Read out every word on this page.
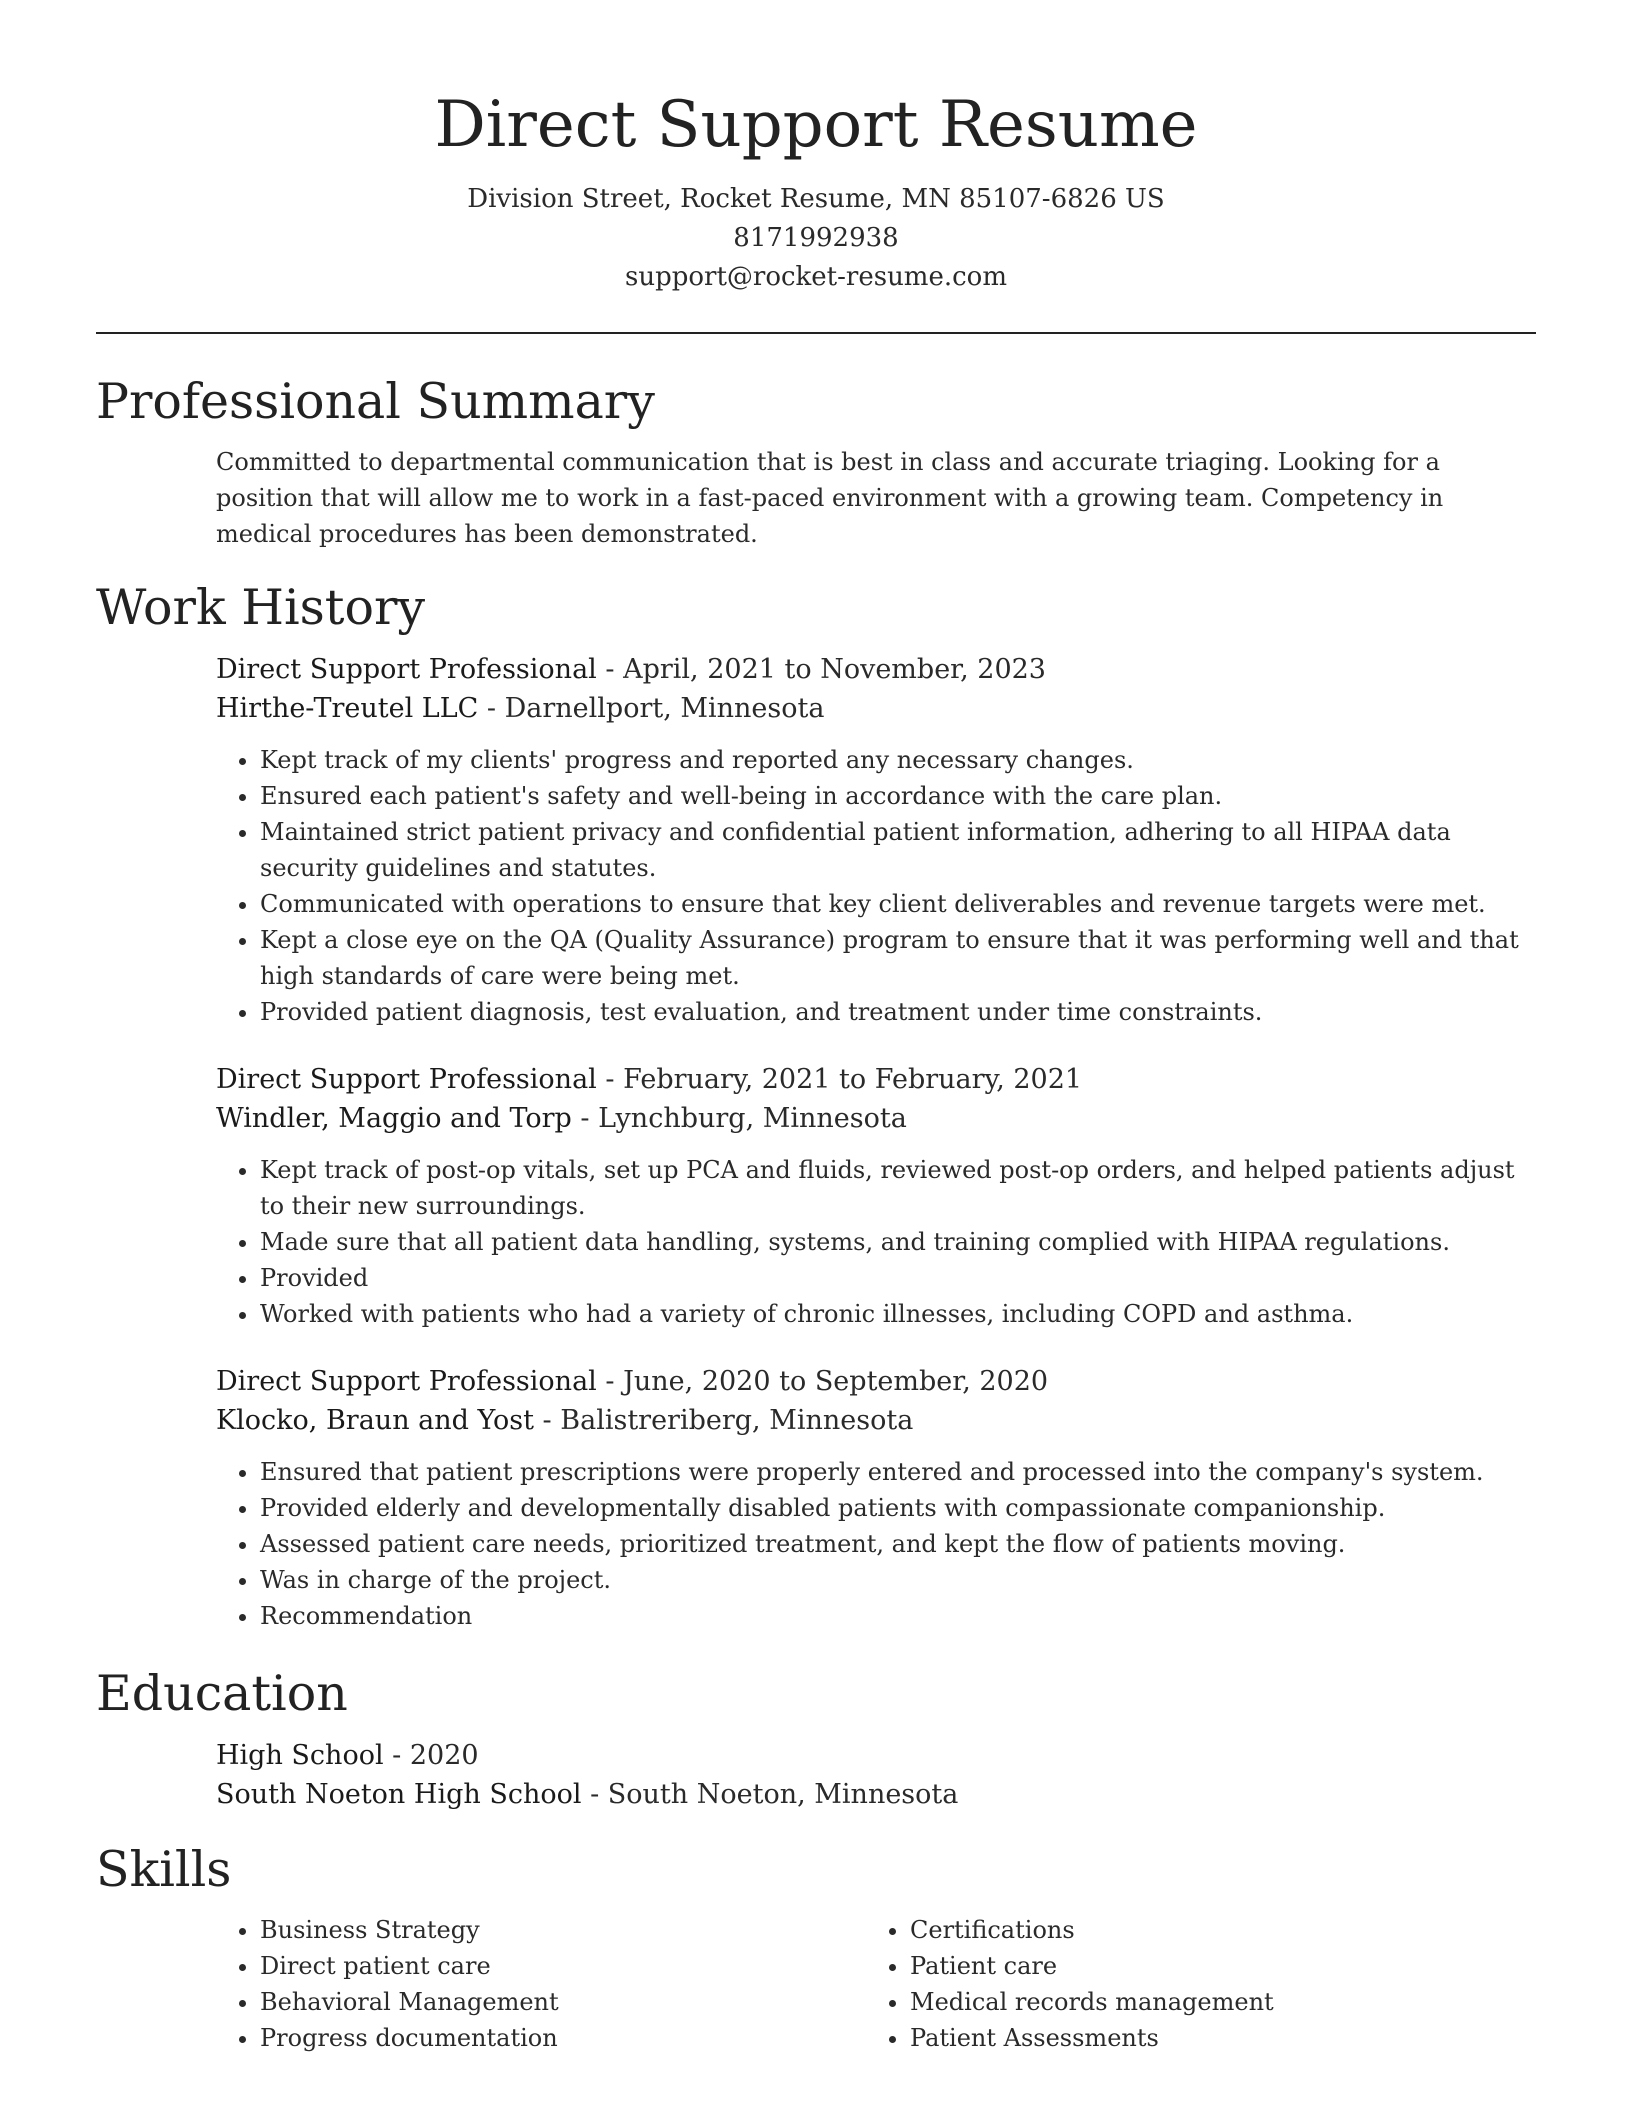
Direct Support Resume
Division Street, Rocket Resume, MN 85107-6826 US
8171992938
support@rocket-resume.com
Professional Summary

Committed to departmental communication that is best in class and accurate triaging. Looking for a position that will allow me to work in a fast-paced environment with a growing team. Competency in medical procedures has been demonstrated.

Work History
Direct Support Professional - April, 2021 to November, 2023
Hirthe-Treutel LLC - Darnellport, Minnesota
• Kept track of my clients' progress and reported any necessary changes.
• Ensured each patient's safety and well-being in accordance with the care plan.
• Maintained strict patient privacy and confidential patient information, adhering to all HIPAA data security guidelines and statutes.
• Communicated with operations to ensure that key client deliverables and revenue targets were met.
• Kept a close eye on the QA (Quality Assurance) program to ensure that it was performing well and that high standards of care were being met.
• Provided patient diagnosis, test evaluation, and treatment under time constraints.
Direct Support Professional - February, 2021 to February, 2021
Windler, Maggio and Torp - Lynchburg, Minnesota
• Kept track of post-op vitals, set up PCA and fluids, reviewed post-op orders, and helped patients adjust to their new surroundings.
• Made sure that all patient data handling, systems, and training complied with HIPAA regulations.
• Provided
• Worked with patients who had a variety of chronic illnesses, including COPD and asthma.
Direct Support Professional - June, 2020 to September, 2020
Klocko, Braun and Yost - Balistreriberg, Minnesota
• Ensured that patient prescriptions were properly entered and processed into the company's system.
• Provided elderly and developmentally disabled patients with compassionate companionship.
• Assessed patient care needs, prioritized treatment, and kept the flow of patients moving.
• Was in charge of the project.
• Recommendation
Education
High School - 2020
South Noeton High School - South Noeton, Minnesota
Skills
• Business Strategy
• Direct patient care
• Behavioral Management
• Progress documentation
• Certifications
• Patient care
• Medical records management
• Patient Assessments
